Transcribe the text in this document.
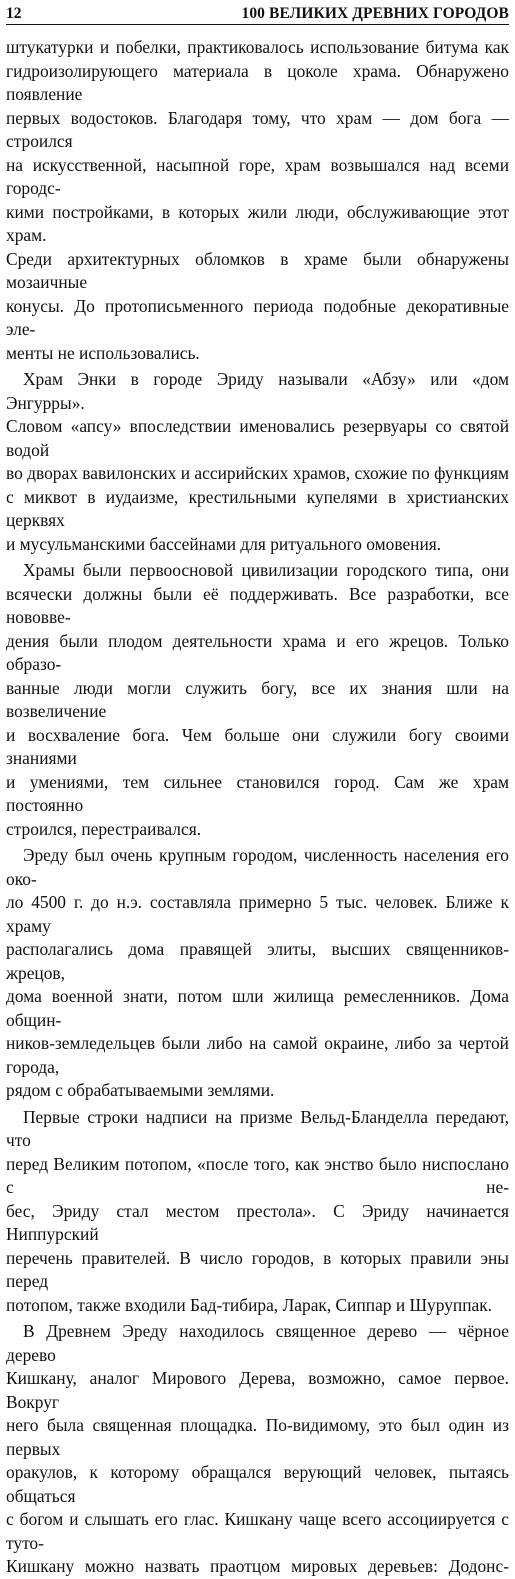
12	100 ВЕЛИКИХ ДРЕВНИХ ГОРОДОВ

штукатурки и побелки, практиковалось использование битума как

гидроизолирующего материала в цоколе храма. Обнаружено появление

первых водостоков. Благодаря тому, что храм — дом бога — строился

на искусственной, насыпной горе, храм возвышался над всеми городс-

кими постройками, в которых жили люди, обслуживающие этот храм.

Среди архитектурных обломков в храме были обнаружены мозаичные

конусы. До протописьменного периода подобные декоративные эле-

менты не использовались.

Храм Энки в городе Эриду называли «Абзу» или «дом Энгурры».

Словом «апсу» впоследствии именовались резервуары со святой водой

во дворах вавилонских и ассирийских храмов, схожие по функциям

с миквот в иудаизме, крестильными купелями в христианских церквях

и мусульманскими бассейнами для ритуального омовения.

Храмы были первоосновой цивилизации городского типа, они

всячески должны были её поддерживать. Все разработки, все нововве-

дения были плодом деятельности храма и его жрецов. Только образо-

ванные люди могли служить богу, все их знания шли на возвеличение

и восхваление бога. Чем больше они служили богу своими знаниями

и умениями, тем сильнее становился город. Сам же храм постоянно

строился, перестраивался.

Эреду был очень крупным городом, численность населения его око-

ло 4500 г. до н.э. составляла примерно 5 тыс. человек. Ближе к храму

располагались дома правящей элиты, высших священников-жрецов,

дома военной знати, потом шли жилища ремесленников. Дома общин-

ников-земледельцев были либо на самой окраине, либо за чертой города,

рядом с обрабатываемыми землями.

Первые строки надписи на призме Вельд-Бланделла передают, что

перед Великим потопом, «после того, как энство было ниспослано с не-

бес, Эриду стал местом престола». С Эриду начинается Ниппурский

перечень правителей. В число городов, в которых правили эны перед

потопом, также входили Бад-тибира, Ларак, Сиппар и Шуруппак.

В Древнем Эреду находилось священное дерево — чёрное дерево

Кишкану, аналог Мирового Дерева, возможно, самое первое. Вокруг

него была священная площадка. По-видимому, это был один из первых

оракулов, к которому обращался верующий человек, пытаясь общаться

с богом и слышать его глас. Кишкану чаще всего ассоциируется с туто-

Кишкану можно назвать праотцом мировых деревьев: Додонс-
